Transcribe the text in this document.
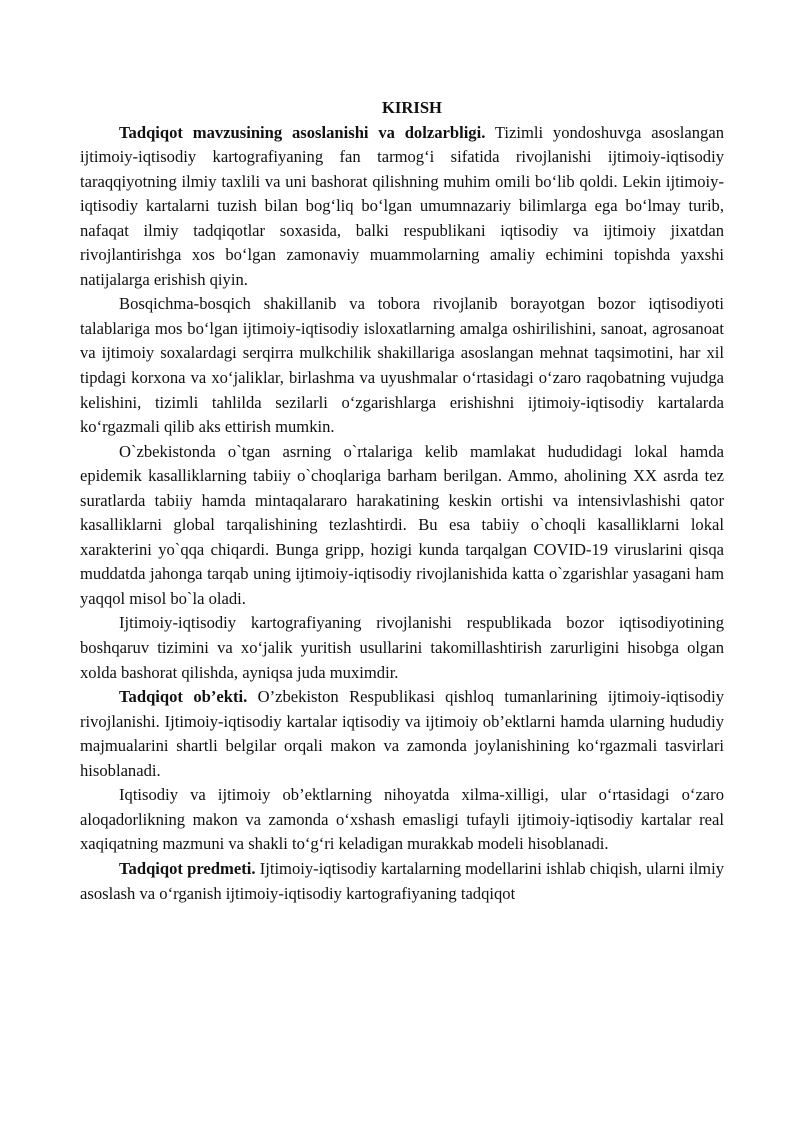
KIRISH

Tadqiqot mavzusining asoslanishi va dolzarbligi. Tizimli yondoshuvga asoslangan ijtimoiy-iqtisodiy kartografiyaning fan tarmog‘i sifatida rivojlanishi ijtimoiy-iqtisodiy taraqqiyotning ilmiy taxlili va uni bashorat qilishning muhim omili bo‘lib qoldi. Lekin ijtimoiy-iqtisodiy kartalarni tuzish bilan bog‘liq bo‘lgan umumnazariy bilimlarga ega bo‘lmay turib, nafaqat ilmiy tadqiqotlar soxasida, balki respublikani iqtisodiy va ijtimoiy jixatdan rivojlantirishga xos bo‘lgan zamonaviy muammolarning amaliy echimini topishda yaxshi natijalarga erishish qiyin.

Bosqichma-bosqich shakillanib va tobora rivojlanib borayotgan bozor iqtisodiyoti talablariga mos bo‘lgan ijtimoiy-iqtisodiy isloxatlarning amalga oshirilishini, sanoat, agrosanoat va ijtimoiy soxalardagi serqirra mulkchilik shakillariga asoslangan mehnat taqsimotini, har xil tipdagi korxona va xo‘jaliklar, birlashma va uyushmalar o‘rtasidagi o‘zaro raqobatning vujudga kelishini, tizimli tahlilda sezilarli o‘zgarishlarga erishishni ijtimoiy-iqtisodiy kartalarda ko‘rgazmali qilib aks ettirish mumkin.

O`zbekistonda o`tgan asrning o`rtalariga kelib mamlakat hududidagi lokal hamda epidemik kasalliklarning tabiiy o`choqlariga barham berilgan. Ammo, aholining XX asrda tez suratlarda tabiiy hamda mintaqalararo harakatining keskin ortishi va intensivlashishi qator kasalliklarni global tarqalishining tezlashtirdi. Bu esa tabiiy o`choqli kasalliklarni lokal xarakterini yo`qqa chiqardi. Bunga gripp, hozigi kunda tarqalgan COVID-19 viruslarini qisqa muddatda jahonga tarqab uning ijtimoiy-iqtisodiy rivojlanishida katta o`zgarishlar yasagani ham yaqqol misol bo`la oladi.

Ijtimoiy-iqtisodiy kartografiyaning rivojlanishi respublikada bozor iqtisodiyotining boshqaruv tizimini va xo‘jalik yuritish usullarini takomillashtirish zarurligini hisobga olgan xolda bashorat qilishda, ayniqsa juda muximdir.

Tadqiqot ob’ekti. O’zbekiston Respublikasi qishloq tumanlarining ijtimoiy-iqtisodiy rivojlanishi. Ijtimoiy-iqtisodiy kartalar iqtisodiy va ijtimoiy ob’ektlarni hamda ularning hududiy majmualarini shartli belgilar orqali makon va zamonda joylanishining ko‘rgazmali tasvirlari hisoblanadi.

Iqtisodiy va ijtimoiy ob’ektlarning nihoyatda xilma-xilligi, ular o‘rtasidagi o‘zaro aloqadorlikning makon va zamonda o‘xshash emasligi tufayli ijtimoiy-iqtisodiy kartalar real xaqiqatning mazmuni va shakli to‘g‘ri keladigan murakkab modeli hisoblanadi.

Tadqiqot predmeti. Ijtimoiy-iqtisodiy kartalarning modellarini ishlab chiqish, ularni ilmiy asoslash va o‘rganish ijtimoiy-iqtisodiy kartografiyaning tadqiqot
